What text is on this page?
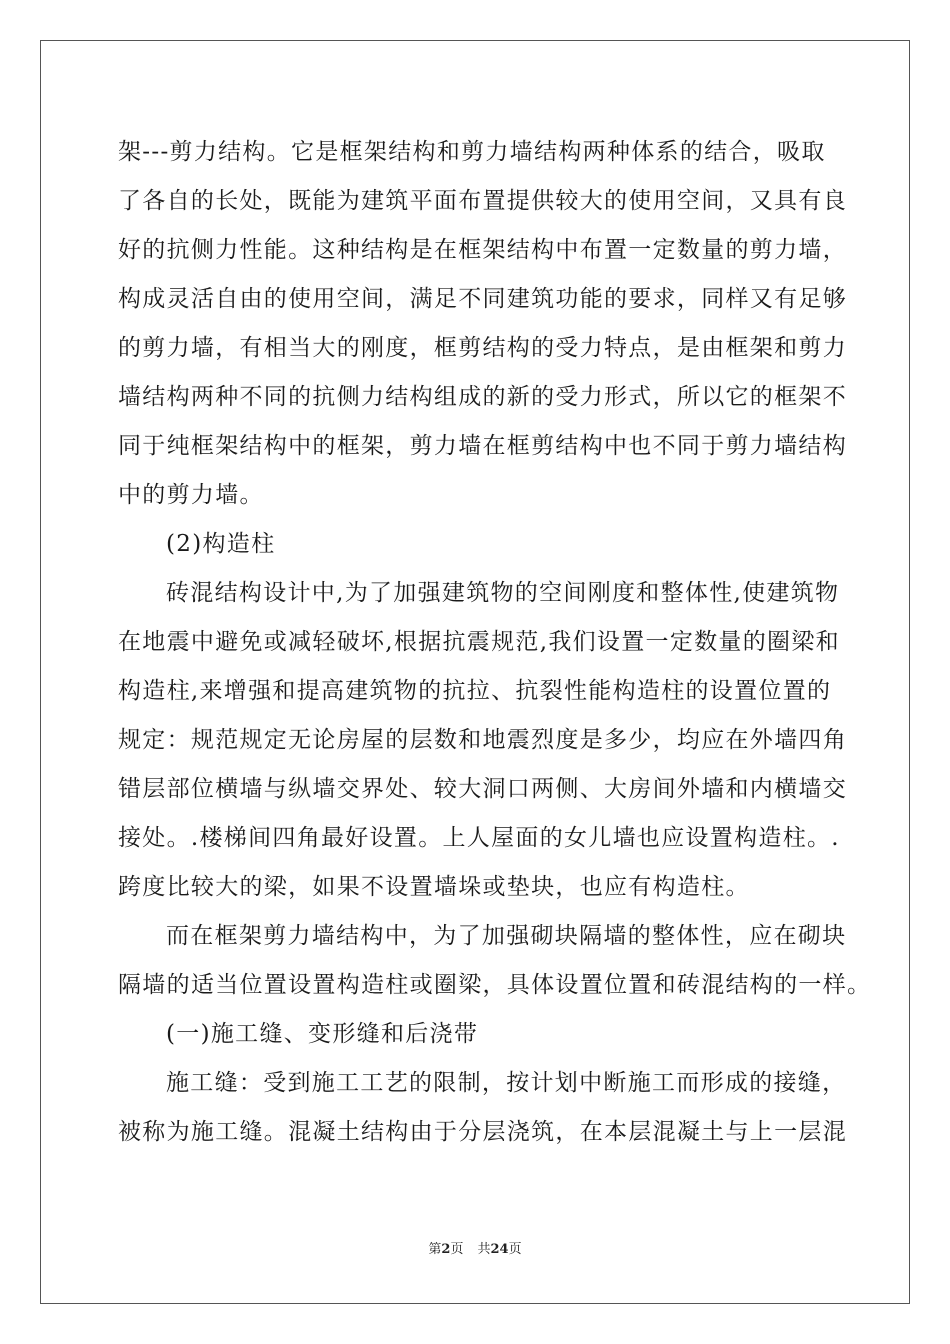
架---剪力结构。它是框架结构和剪力墙结构两种体系的结合，吸取
了各自的长处，既能为建筑平面布置提供较大的使用空间，又具有良
好的抗侧力性能。这种结构是在框架结构中布置一定数量的剪力墙，
构成灵活自由的使用空间，满足不同建筑功能的要求，同样又有足够
的剪力墙，有相当大的刚度，框剪结构的受力特点，是由框架和剪力
墙结构两种不同的抗侧力结构组成的新的受力形式，所以它的框架不
同于纯框架结构中的框架，剪力墙在框剪结构中也不同于剪力墙结构
中的剪力墙。
(2)构造柱
砖混结构设计中,为了加强建筑物的空间刚度和整体性,使建筑物
在地震中避免或减轻破坏,根据抗震规范,我们设置一定数量的圈梁和
构造柱,来增强和提高建筑物的抗拉、抗裂性能构造柱的设置位置的
规定：规范规定无论房屋的层数和地震烈度是多少，均应在外墙四角
错层部位横墙与纵墙交界处、较大洞口两侧、大房间外墙和内横墙交
接处。.楼梯间四角最好设置。上人屋面的女儿墙也应设置构造柱。.
跨度比较大的梁，如果不设置墙垛或垫块，也应有构造柱。
而在框架剪力墙结构中，为了加强砌块隔墙的整体性，应在砌块
隔墙的适当位置设置构造柱或圈梁，具体设置位置和砖混结构的一样。
(一)施工缝、变形缝和后浇带
施工缝：受到施工工艺的限制，按计划中断施工而形成的接缝，
被称为施工缝。混凝土结构由于分层浇筑，在本层混凝土与上一层混
第2页 共24页
